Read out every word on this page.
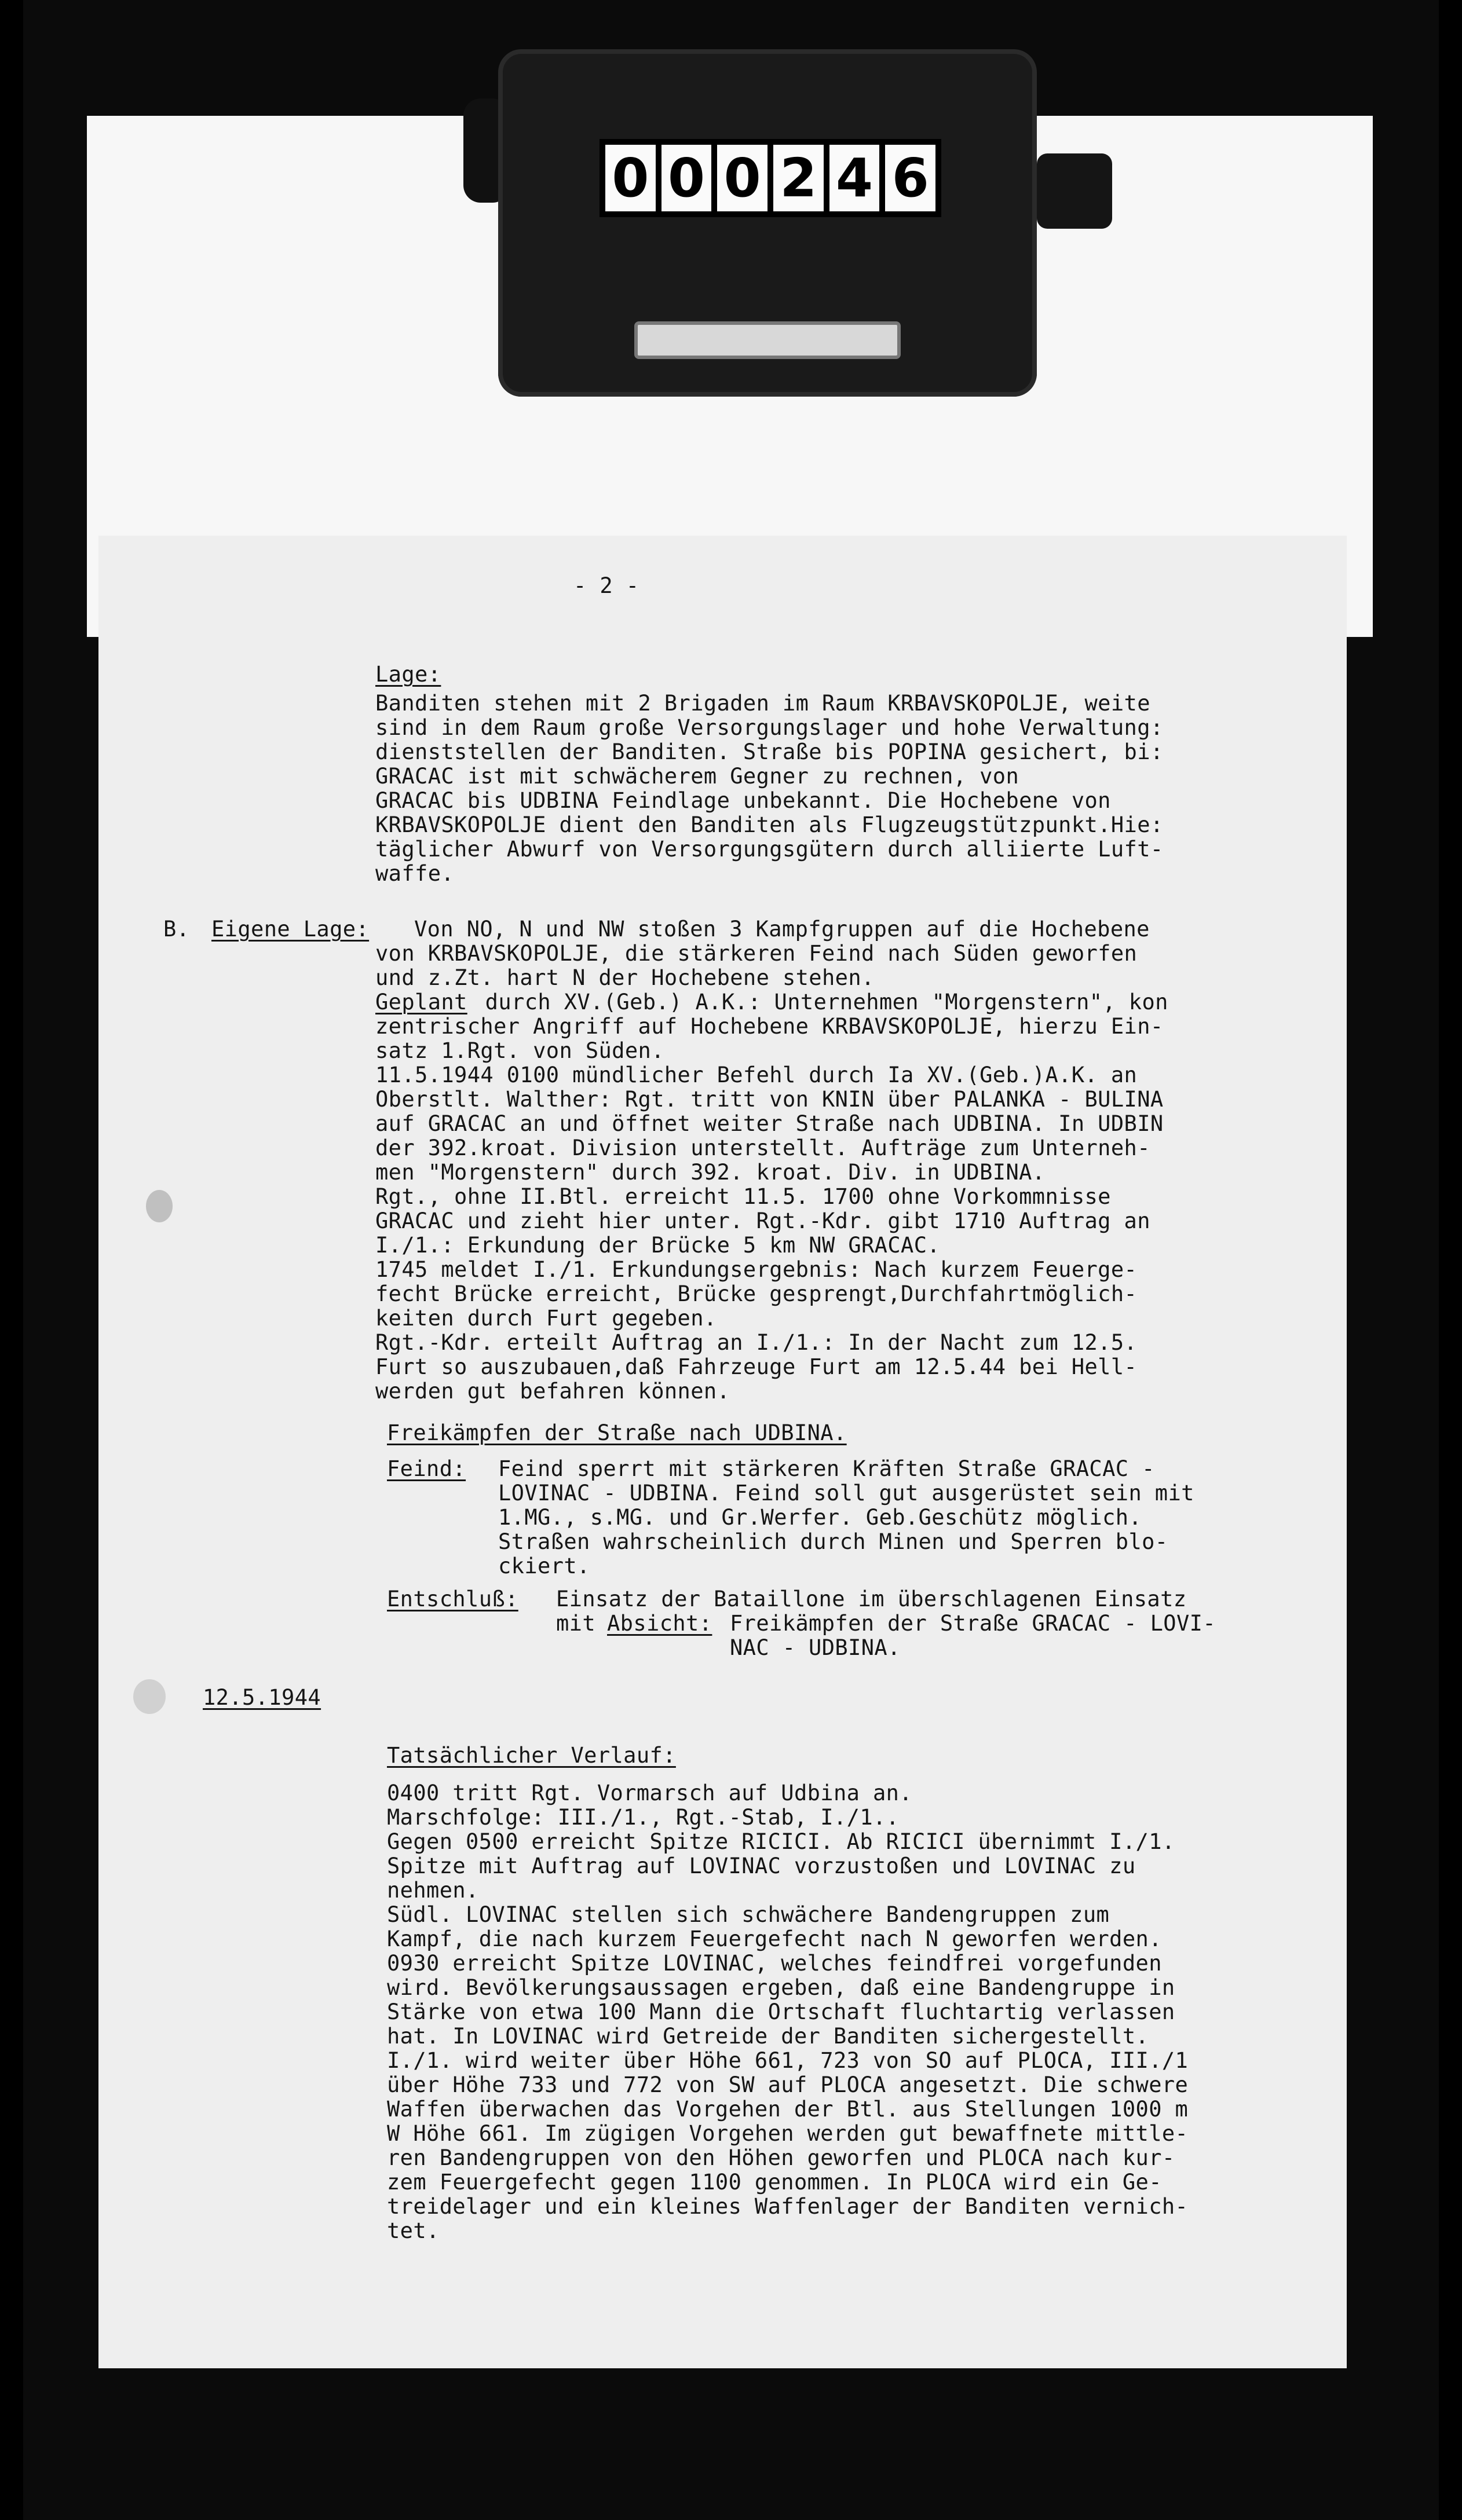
0 0 0 2 4 6

- 2 -

Lage:

Banditen stehen mit 2 Brigaden im Raum KRBAVSKOPOLJE, weite

sind in dem Raum große Versorgungslager und hohe Verwaltung:

dienststellen der Banditen. Straße bis POPINA gesichert, bi:

GRACAC ist mit schwächerem Gegner zu rechnen, von

GRACAC bis UDBINA Feindlage unbekannt. Die Hochebene von

KRBAVSKOPOLJE dient den Banditen als Flugzeugstützpunkt.Hie:

täglicher Abwurf von Versorgungsgütern durch alliierte Luft-

waffe.

B. Eigene Lage: Von NO, N und NW stoßen 3 Kampfgruppen auf die Hochebene

von KRBAVSKOPOLJE, die stärkeren Feind nach Süden geworfen

und z.Zt. hart N der Hochebene stehen.

Geplant durch XV.(Geb.) A.K.: Unternehmen "Morgenstern", kon

zentrischer Angriff auf Hochebene KRBAVSKOPOLJE, hierzu Ein-

satz 1.Rgt. von Süden.

11.5.1944 0100 mündlicher Befehl durch Ia XV.(Geb.)A.K. an

Oberstlt. Walther: Rgt. tritt von KNIN über PALANKA - BULINA

auf GRACAC an und öffnet weiter Straße nach UDBINA. In UDBIN

der 392.kroat. Division unterstellt. Aufträge zum Unterneh-

men "Morgenstern" durch 392. kroat. Div. in UDBINA.

Rgt., ohne II.Btl. erreicht 11.5. 1700 ohne Vorkommnisse

GRACAC und zieht hier unter. Rgt.-Kdr. gibt 1710 Auftrag an

I./1.: Erkundung der Brücke 5 km NW GRACAC.

1745 meldet I./1. Erkundungsergebnis: Nach kurzem Feuerge-

fecht Brücke erreicht, Brücke gesprengt,Durchfahrtmöglich-

keiten durch Furt gegeben.

Rgt.-Kdr. erteilt Auftrag an I./1.: In der Nacht zum 12.5.

Furt so auszubauen,daß Fahrzeuge Furt am 12.5.44 bei Hell-

werden gut befahren können.

Freikämpfen der Straße nach UDBINA.

Feind: Feind sperrt mit stärkeren Kräften Straße GRACAC -

LOVINAC - UDBINA. Feind soll gut ausgerüstet sein mit

1.MG., s.MG. und Gr.Werfer. Geb.Geschütz möglich.

Straßen wahrscheinlich durch Minen und Sperren blo-

ckiert.

Entschluß: Einsatz der Bataillone im überschlagenen Einsatz

mit Absicht: Freikämpfen der Straße GRACAC - LOVI-

NAC - UDBINA.

12.5.1944

Tatsächlicher Verlauf:

0400 tritt Rgt. Vormarsch auf Udbina an.

Marschfolge: III./1., Rgt.-Stab, I./1..

Gegen 0500 erreicht Spitze RICICI. Ab RICICI übernimmt I./1.

Spitze mit Auftrag auf LOVINAC vorzustoßen und LOVINAC zu

nehmen.

Südl. LOVINAC stellen sich schwächere Bandengruppen zum

Kampf, die nach kurzem Feuergefecht nach N geworfen werden.

0930 erreicht Spitze LOVINAC, welches feindfrei vorgefunden

wird. Bevölkerungsaussagen ergeben, daß eine Bandengruppe in

Stärke von etwa 100 Mann die Ortschaft fluchtartig verlassen

hat. In LOVINAC wird Getreide der Banditen sichergestellt.

I./1. wird weiter über Höhe 661, 723 von SO auf PLOCA, III./1

über Höhe 733 und 772 von SW auf PLOCA angesetzt. Die schwere

Waffen überwachen das Vorgehen der Btl. aus Stellungen 1000 m

W Höhe 661. Im zügigen Vorgehen werden gut bewaffnete mittle-

ren Bandengruppen von den Höhen geworfen und PLOCA nach kur-

zem Feuergefecht gegen 1100 genommen. In PLOCA wird ein Ge-

treidelager und ein kleines Waffenlager der Banditen vernich-

tet.
